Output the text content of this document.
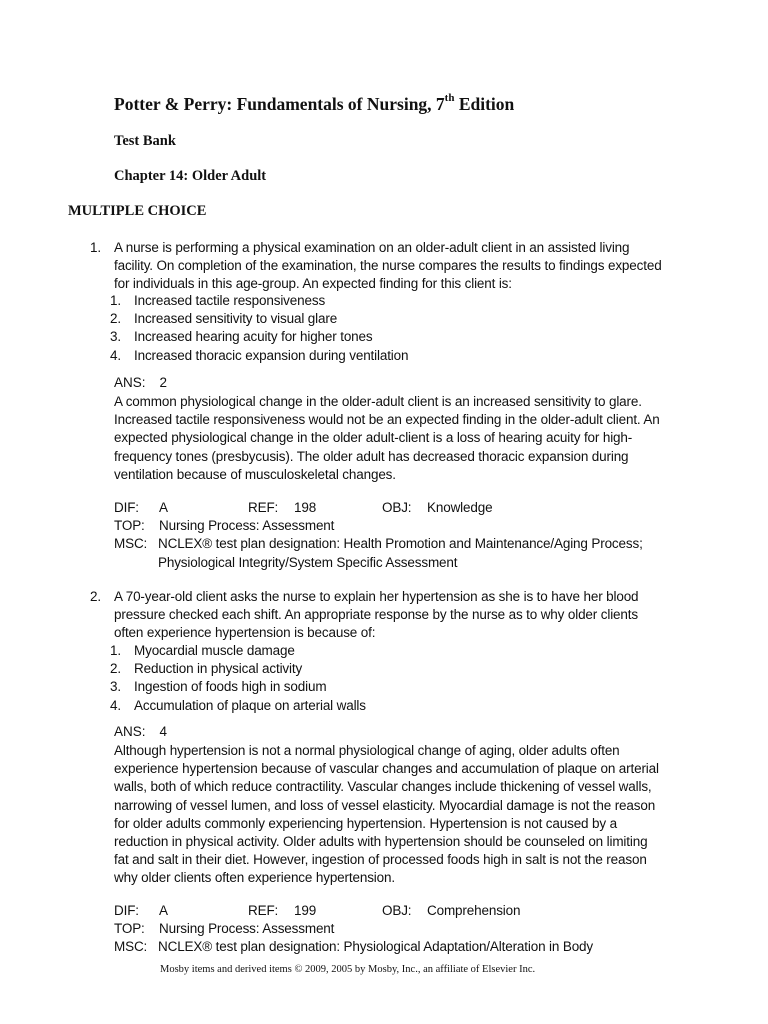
Potter & Perry: Fundamentals of Nursing, 7th Edition
Test Bank
Chapter 14: Older Adult
MULTIPLE CHOICE
1. A nurse is performing a physical examination on an older-adult client in an assisted living facility. On completion of the examination, the nurse compares the results to findings expected for individuals in this age-group. An expected finding for this client is:
1. Increased tactile responsiveness
2. Increased sensitivity to visual glare
3. Increased hearing acuity for higher tones
4. Increased thoracic expansion during ventilation
ANS: 2
A common physiological change in the older-adult client is an increased sensitivity to glare. Increased tactile responsiveness would not be an expected finding in the older-adult client. An expected physiological change in the older adult-client is a loss of hearing acuity for high-frequency tones (presbycusis). The older adult has decreased thoracic expansion during ventilation because of musculoskeletal changes.
DIF: A	REF: 198	OBJ: Knowledge
TOP: Nursing Process: Assessment
MSC: NCLEX® test plan designation: Health Promotion and Maintenance/Aging Process; Physiological Integrity/System Specific Assessment
2. A 70-year-old client asks the nurse to explain her hypertension as she is to have her blood pressure checked each shift. An appropriate response by the nurse as to why older clients often experience hypertension is because of:
1. Myocardial muscle damage
2. Reduction in physical activity
3. Ingestion of foods high in sodium
4. Accumulation of plaque on arterial walls
ANS: 4
Although hypertension is not a normal physiological change of aging, older adults often experience hypertension because of vascular changes and accumulation of plaque on arterial walls, both of which reduce contractility. Vascular changes include thickening of vessel walls, narrowing of vessel lumen, and loss of vessel elasticity. Myocardial damage is not the reason for older adults commonly experiencing hypertension. Hypertension is not caused by a reduction in physical activity. Older adults with hypertension should be counseled on limiting fat and salt in their diet. However, ingestion of processed foods high in salt is not the reason why older clients often experience hypertension.
DIF: A	REF: 199	OBJ: Comprehension
TOP: Nursing Process: Assessment
MSC: NCLEX® test plan designation: Physiological Adaptation/Alteration in Body
Mosby items and derived items © 2009, 2005 by Mosby, Inc., an affiliate of Elsevier Inc.
